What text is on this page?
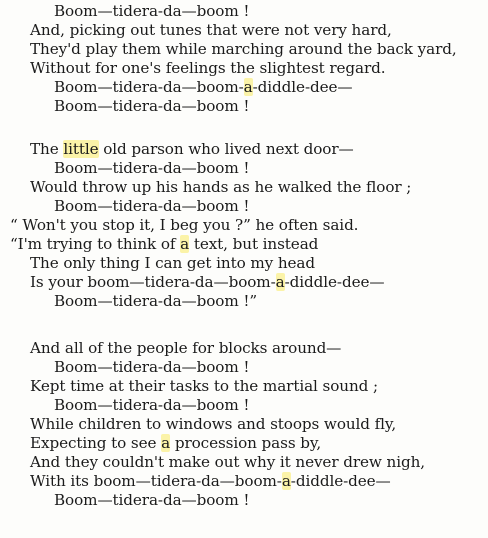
Boom—tidera-da—boom !
And, picking out tunes that were not very hard,
They'd play them while marching around the back yard,
Without for one's feelings the slightest regard.
Boom—tidera-da—boom-a-diddle-dee—
Boom—tidera-da—boom !
The little old parson who lived next door—
Boom—tidera-da—boom !
Would throw up his hands as he walked the floor ;
Boom—tidera-da—boom !
“ Won't you stop it, I beg you ?” he often said.
“I'm trying to think of a text, but instead
The only thing I can get into my head
Is your boom—tidera-da—boom-a-diddle-dee—
Boom—tidera-da—boom !”
And all of the people for blocks around—
Boom—tidera-da—boom !
Kept time at their tasks to the martial sound ;
Boom—tidera-da—boom !
While children to windows and stoops would fly,
Expecting to see a procession pass by,
And they couldn't make out why it never drew nigh,
With its boom—tidera-da—boom-a-diddle-dee—
Boom—tidera-da—boom !
